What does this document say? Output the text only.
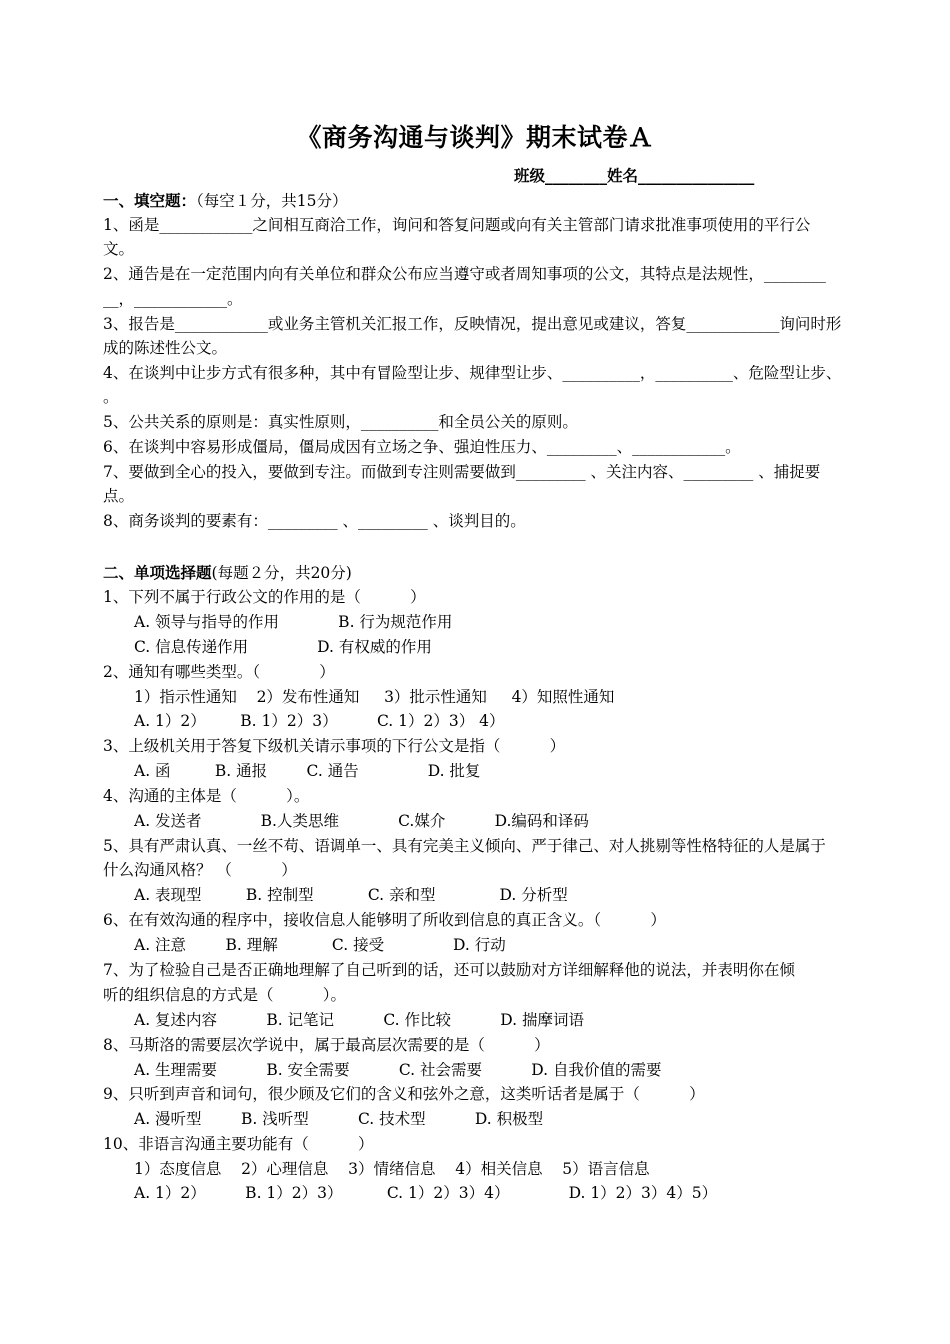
《商务沟通与谈判》期末试卷Ａ
班级________姓名_______________
一、填空题：（每空１分，共15分）
1、函是____________之间相互商洽工作，询问和答复问题或向有关主管部门请求批准事项使用的平行公
文。
2、通告是在一定范围内向有关单位和群众公布应当遵守或者周知事项的公文，其特点是法规性，________
__，____________。
3、报告是____________或业务主管机关汇报工作，反映情况，提出意见或建议，答复____________询问时形
成的陈述性公文。
4、在谈判中让步方式有很多种，其中有冒险型让步、规律型让步、__________，__________、危险型让步、
。
5、公共关系的原则是：真实性原则，__________和全员公关的原则。
6、在谈判中容易形成僵局，僵局成因有立场之争、强迫性压力、_________、____________。
7、要做到全心的投入，要做到专注。而做到专注则需要做到_________ 、关注内容、_________ 、捕捉要
点。
8、商务谈判的要素有：_________ 、_________ 、谈判目的。
二、单项选择题(每题２分，共20分)
1、下列不属于行政公文的作用的是（          ）
A. 领导与指导的作用            B. 行为规范作用
C. 信息传递作用              D. 有权威的作用
2、通知有哪些类型。（            ）
1）指示性通知    2）发布性通知     3）批示性通知     4）知照性通知
A. 1）2）       B. 1）2）3）        C. 1）2）3） 4）
3、上级机关用于答复下级机关请示事项的下行公文是指（          ）
A. 函         B. 通报        C. 通告              D. 批复
4、沟通的主体是（          ）。
A. 发送者            B.人类思维            C.媒介          D.编码和译码
5、具有严肃认真、一丝不苟、语调单一、具有完美主义倾向、严于律己、对人挑剔等性格特征的人是属于
什么沟通风格？ （          ）
A. 表现型         B. 控制型           C. 亲和型             D. 分析型
6、在有效沟通的程序中，接收信息人能够明了所收到信息的真正含义。（          ）
A. 注意        B. 理解           C. 接受              D. 行动
7、为了检验自己是否正确地理解了自己听到的话，还可以鼓励对方详细解释他的说法，并表明你在倾
听的组织信息的方式是（          ）。
A. 复述内容          B. 记笔记          C. 作比较          D. 揣摩词语
8、马斯洛的需要层次学说中，属于最高层次需要的是（          ）
A. 生理需要          B. 安全需要          C. 社会需要          D. 自我价值的需要
9、只听到声音和词句，很少顾及它们的含义和弦外之意，这类听话者是属于（          ）
A. 漫听型        B. 浅听型          C. 技术型          D. 积极型
10、非语言沟通主要功能有（          ）
1）态度信息    2）心理信息    3）情绪信息    4）相关信息    5）语言信息
A. 1）2）        B. 1）2）3）         C. 1）2）3）4）            D. 1）2）3）4）5）
